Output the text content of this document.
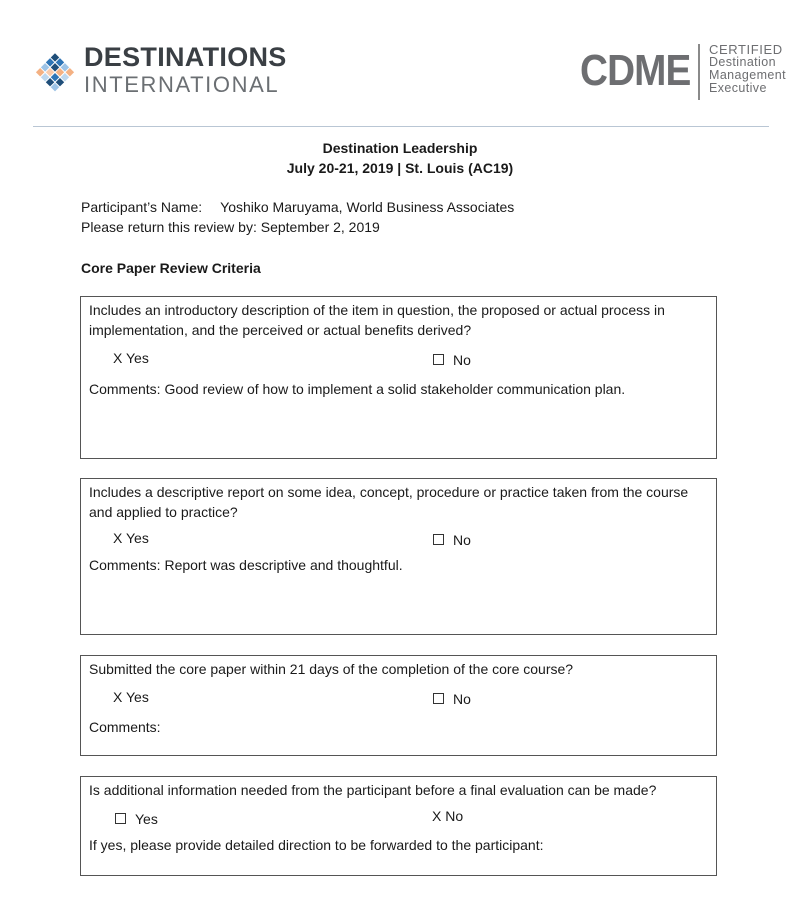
DESTINATIONS
INTERNATIONAL	CDME CERTIFIED
Destination
Management
Executive
Destination Leadership
July 20-21, 2019 | St. Louis (AC19)
Participant’s Name: Yoshiko Maruyama, World Business Associates
Please return this review by: September 2, 2019
Core Paper Review Criteria
Includes an introductory description of the item in question, the proposed or actual process in implementation, and the perceived or actual benefits derived?
X Yes	No
Comments: Good review of how to implement a solid stakeholder communication plan.
Includes a descriptive report on some idea, concept, procedure or practice taken from the course and applied to practice?
X Yes	No
Comments: Report was descriptive and thoughtful.
Submitted the core paper within 21 days of the completion of the core course?
X Yes	No
Comments:
Is additional information needed from the participant before a final evaluation can be made?
Yes	X No
If yes, please provide detailed direction to be forwarded to the participant:
